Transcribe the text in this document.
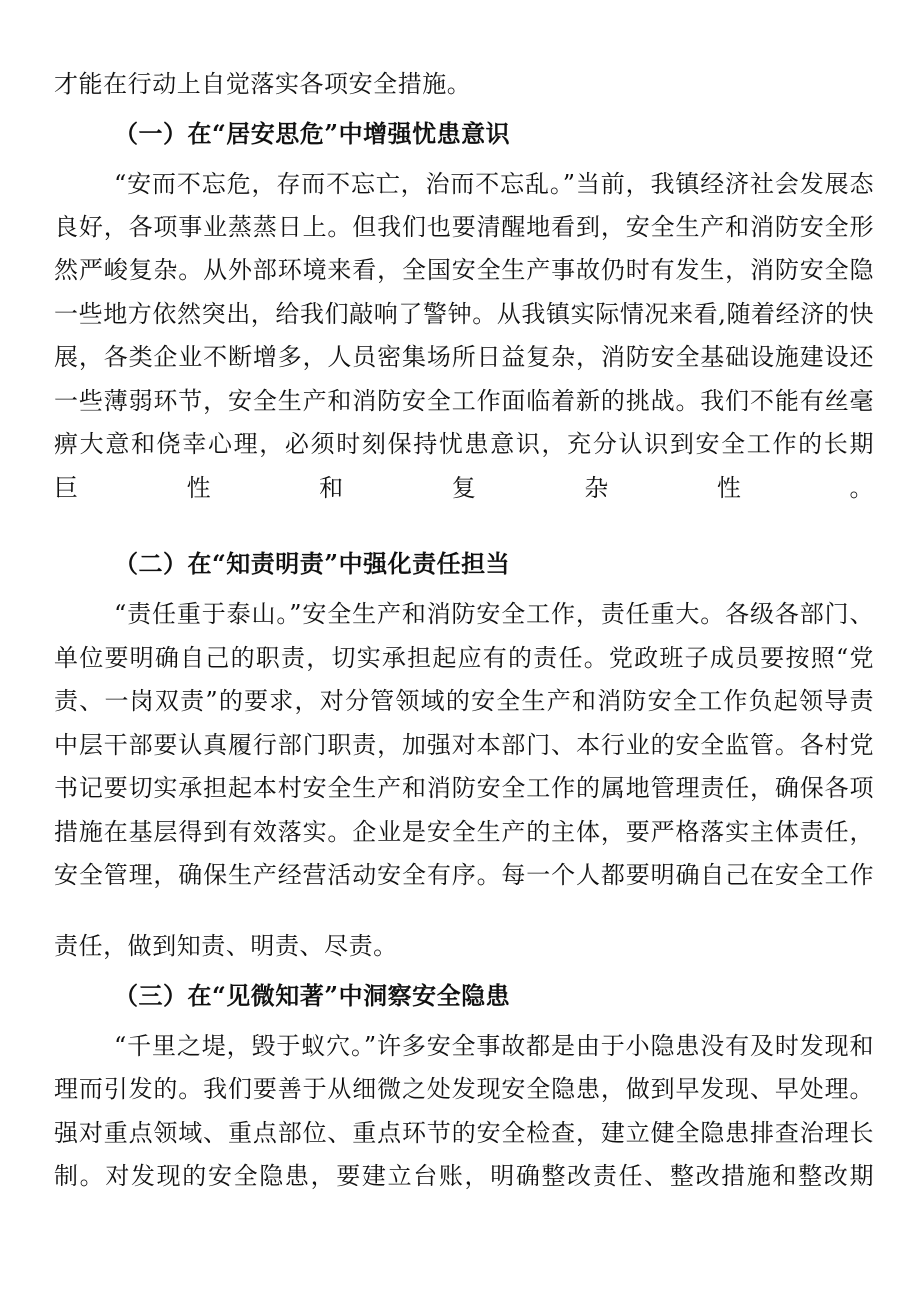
才能在行动上自觉落实各项安全措施。
（一）在“居安思危”中增强忧患意识
“安而不忘危，存而不忘亡，治而不忘乱。”当前，我镇经济社会发展态
良好，各项事业蒸蒸日上。但我们也要清醒地看到，安全生产和消防安全形
然严峻复杂。从外部环境来看，全国安全生产事故仍时有发生，消防安全隐
一些地方依然突出，给我们敲响了警钟。从我镇实际情况来看,随着经济的快
展，各类企业不断增多，人员密集场所日益复杂，消防安全基础设施建设还
一些薄弱环节，安全生产和消防安全工作面临着新的挑战。我们不能有丝毫
痹大意和侥幸心理，必须时刻保持忧患意识，充分认识到安全工作的长期
巨性和复杂性。
（二）在“知责明责”中强化责任担当
“责任重于泰山。”安全生产和消防安全工作，责任重大。各级各部门、
单位要明确自己的职责，切实承担起应有的责任。党政班子成员要按照“党
责、一岗双责”的要求，对分管领域的安全生产和消防安全工作负起领导责
中层干部要认真履行部门职责，加强对本部门、本行业的安全监管。各村党
书记要切实承担起本村安全生产和消防安全工作的属地管理责任，确保各项
措施在基层得到有效落实。企业是安全生产的主体，要严格落实主体责任，
安全管理，确保生产经营活动安全有序。每一个人都要明确自己在安全工作
责任，做到知责、明责、尽责。
（三）在“见微知著”中洞察安全隐患
“千里之堤，毁于蚁穴。”许多安全事故都是由于小隐患没有及时发现和
理而引发的。我们要善于从细微之处发现安全隐患，做到早发现、早处理。
强对重点领域、重点部位、重点环节的安全检查，建立健全隐患排查治理长
制。对发现的安全隐患，要建立台账，明确整改责任、整改措施和整改期
